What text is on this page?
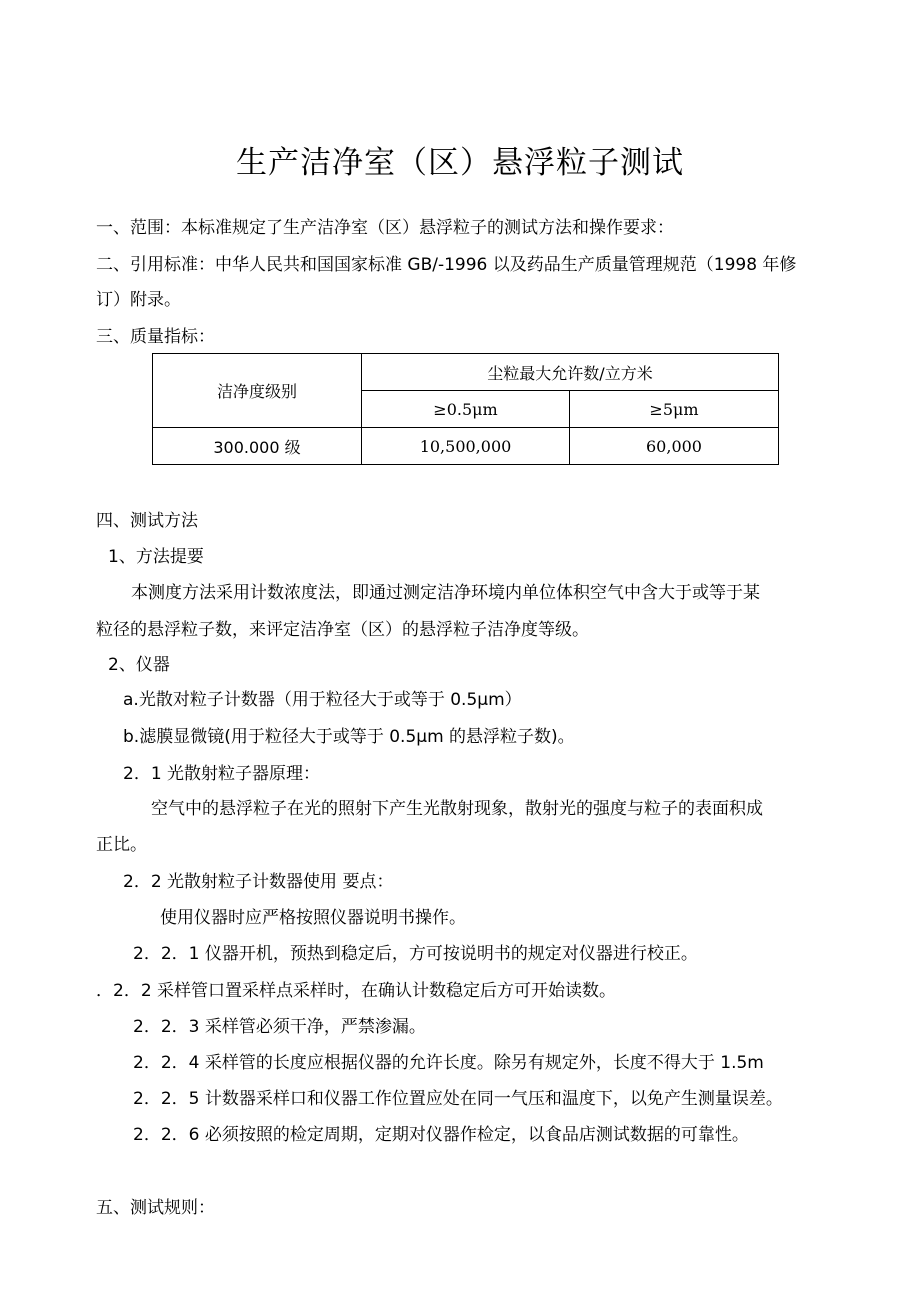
生产洁净室（区）悬浮粒子测试
一、范围：本标准规定了生产洁净室（区）悬浮粒子的测试方法和操作要求：
二、引用标准：中华人民共和国国家标准 GB/-1996 以及药品生产质量管理规范（1998 年修
订）附录。
三、质量指标：
洁净度级别	尘粒最大允许数/立方米	
	≥0.5μm	≥5μm
300.000 级	10,500,000	60,000
四、测试方法
1、方法提要
本测度方法采用计数浓度法，即通过测定洁净环境内单位体积空气中含大于或等于某
粒径的悬浮粒子数，来评定洁净室（区）的悬浮粒子洁净度等级。
2、仪器
a.光散对粒子计数器（用于粒径大于或等于 0.5μm）
b.滤膜显微镜(用于粒径大于或等于 0.5μm 的悬浮粒子数)。
2．1 光散射粒子器原理：
空气中的悬浮粒子在光的照射下产生光散射现象，散射光的强度与粒子的表面积成
正比。
2．2 光散射粒子计数器使用 要点：
使用仪器时应严格按照仪器说明书操作。
2．2．1 仪器开机，预热到稳定后，方可按说明书的规定对仪器进行校正。
．2．2 采样管口置采样点采样时，在确认计数稳定后方可开始读数。
2．2．3 采样管必须干净，严禁渗漏。
2．2．4 采样管的长度应根据仪器的允许长度。除另有规定外，长度不得大于 1.5m
2．2．5 计数器采样口和仪器工作位置应处在同一气压和温度下，以免产生测量误差。
2．2．6 必须按照的检定周期，定期对仪器作检定，以食品店测试数据的可靠性。
五、测试规则：
